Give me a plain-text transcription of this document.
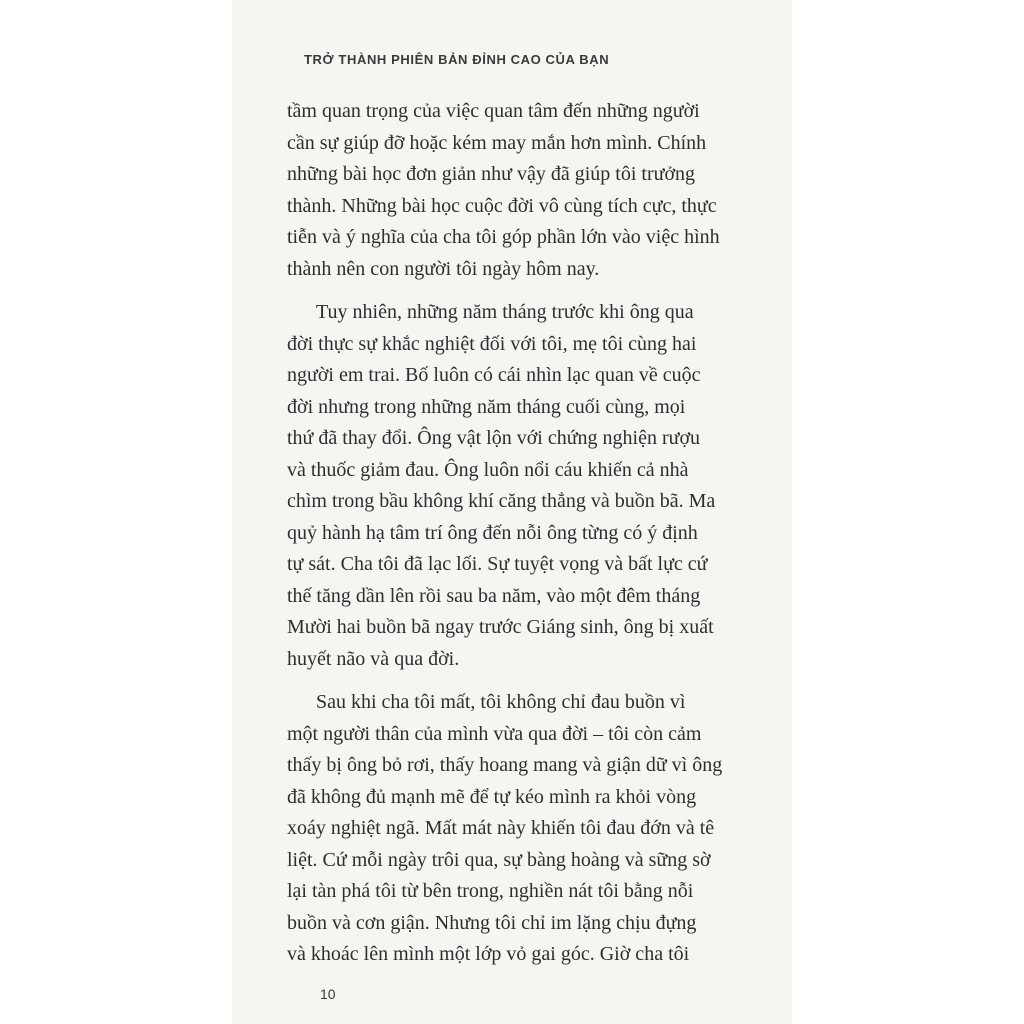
TRỞ THÀNH PHIÊN BẢN ĐỈNH CAO CỦA BẠN
tầm quan trọng của việc quan tâm đến những người
cần sự giúp đỡ hoặc kém may mắn hơn mình. Chính
những bài học đơn giản như vậy đã giúp tôi trưởng
thành. Những bài học cuộc đời vô cùng tích cực, thực
tiễn và ý nghĩa của cha tôi góp phần lớn vào việc hình
thành nên con người tôi ngày hôm nay.
Tuy nhiên, những năm tháng trước khi ông qua
đời thực sự khắc nghiệt đối với tôi, mẹ tôi cùng hai
người em trai. Bố luôn có cái nhìn lạc quan về cuộc
đời nhưng trong những năm tháng cuối cùng, mọi
thứ đã thay đổi. Ông vật lộn với chứng nghiện rượu
và thuốc giảm đau. Ông luôn nổi cáu khiến cả nhà
chìm trong bầu không khí căng thẳng và buồn bã. Ma
quỷ hành hạ tâm trí ông đến nỗi ông từng có ý định
tự sát. Cha tôi đã lạc lối. Sự tuyệt vọng và bất lực cứ
thế tăng dần lên rồi sau ba năm, vào một đêm tháng
Mười hai buồn bã ngay trước Giáng sinh, ông bị xuất
huyết não và qua đời.
Sau khi cha tôi mất, tôi không chỉ đau buồn vì
một người thân của mình vừa qua đời – tôi còn cảm
thấy bị ông bỏ rơi, thấy hoang mang và giận dữ vì ông
đã không đủ mạnh mẽ để tự kéo mình ra khỏi vòng
xoáy nghiệt ngã. Mất mát này khiến tôi đau đớn và tê
liệt. Cứ mỗi ngày trôi qua, sự bàng hoàng và sững sờ
lại tàn phá tôi từ bên trong, nghiền nát tôi bằng nỗi
buồn và cơn giận. Nhưng tôi chỉ im lặng chịu đựng
và khoác lên mình một lớp vỏ gai góc. Giờ cha tôi
10
